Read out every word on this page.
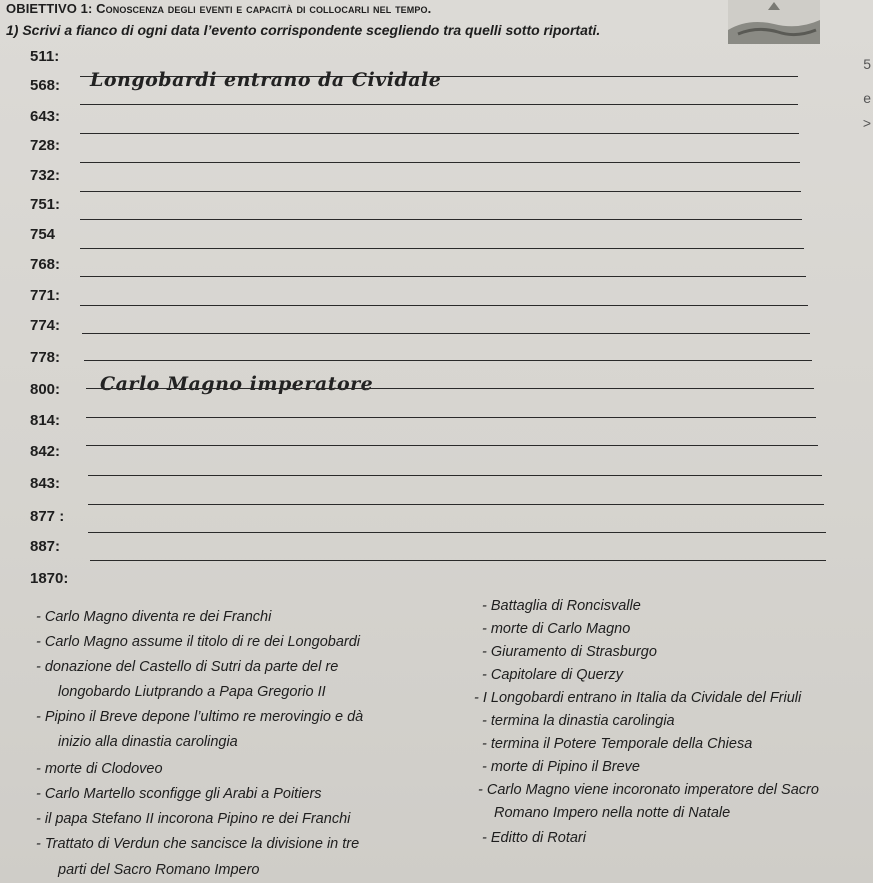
OBIETTIVO 1: Conoscenza degli eventi e capacità di collocarli nel tempo.
1) Scrivi a fianco di ogni data l’evento corrispondente scegliendo tra quelli sotto riportati.
5
e
>
511:
568: Longobardi entrano da Cividale
643:
728:
732:
751:
754
768:
771:
774:
778:
800: Carlo Magno imperatore
814:
842:
843:
877 :
887:
1870:
- Carlo Magno diventa re dei Franchi
- Carlo Magno assume il titolo di re dei Longobardi
- donazione del Castello di Sutri da parte del re
longobardo Liutprando a Papa Gregorio II
- Pipino il Breve depone l’ultimo re merovingio e dà
inizio alla dinastia carolingia
- morte di Clodoveo
- Carlo Martello sconfigge gli Arabi a Poitiers
- il papa Stefano II incorona Pipino re dei Franchi
- Trattato di Verdun che sancisce la divisione in tre
parti del Sacro Romano Impero
- Battaglia di Roncisvalle
- morte di Carlo Magno
- Giuramento di Strasburgo
- Capitolare di Querzy
- I Longobardi entrano in Italia da Cividale del Friuli
- termina la dinastia carolingia
- termina il Potere Temporale della Chiesa
- morte di Pipino il Breve
- Carlo Magno viene incoronato imperatore del Sacro
Romano Impero nella notte di Natale
- Editto di Rotari
